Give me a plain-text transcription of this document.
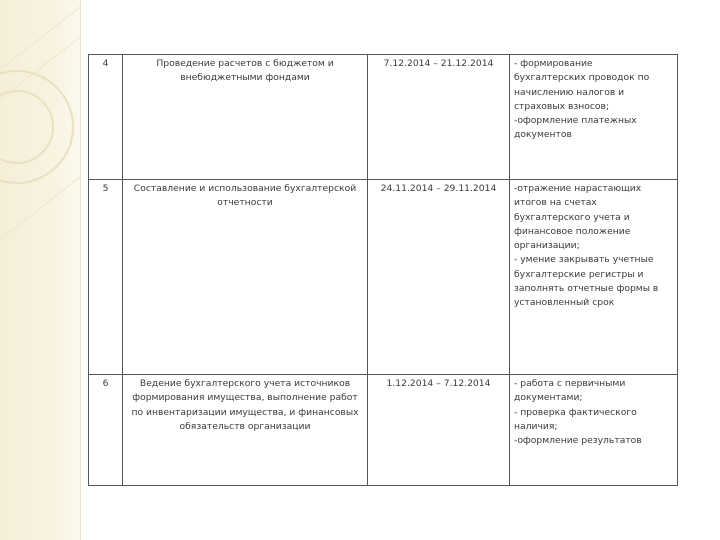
4	Проведение расчетов с бюджетом и внебюджетными фондами	7.12.2014 – 21.12.2014	- формирование бухгалтерских проводок по начислению налогов и страховых взносов;
-оформление платежных документов

5	Составление и использование бухгалтерской отчетности	24.11.2014 – 29.11.2014	-отражение нарастающих итогов на счетах бухгалтерского учета и финансовое положение организации;
- умение закрывать учетные бухгалтерские регистры и заполнять отчетные формы в установленный срок

6	Ведение бухгалтерского учета источников формирования имущества, выполнение работ по инвентаризации имущества, и финансовых обязательств организации	1.12.2014 – 7.12.2014	- работа с первичными документами;
- проверка фактического наличия;
-оформление результатов
